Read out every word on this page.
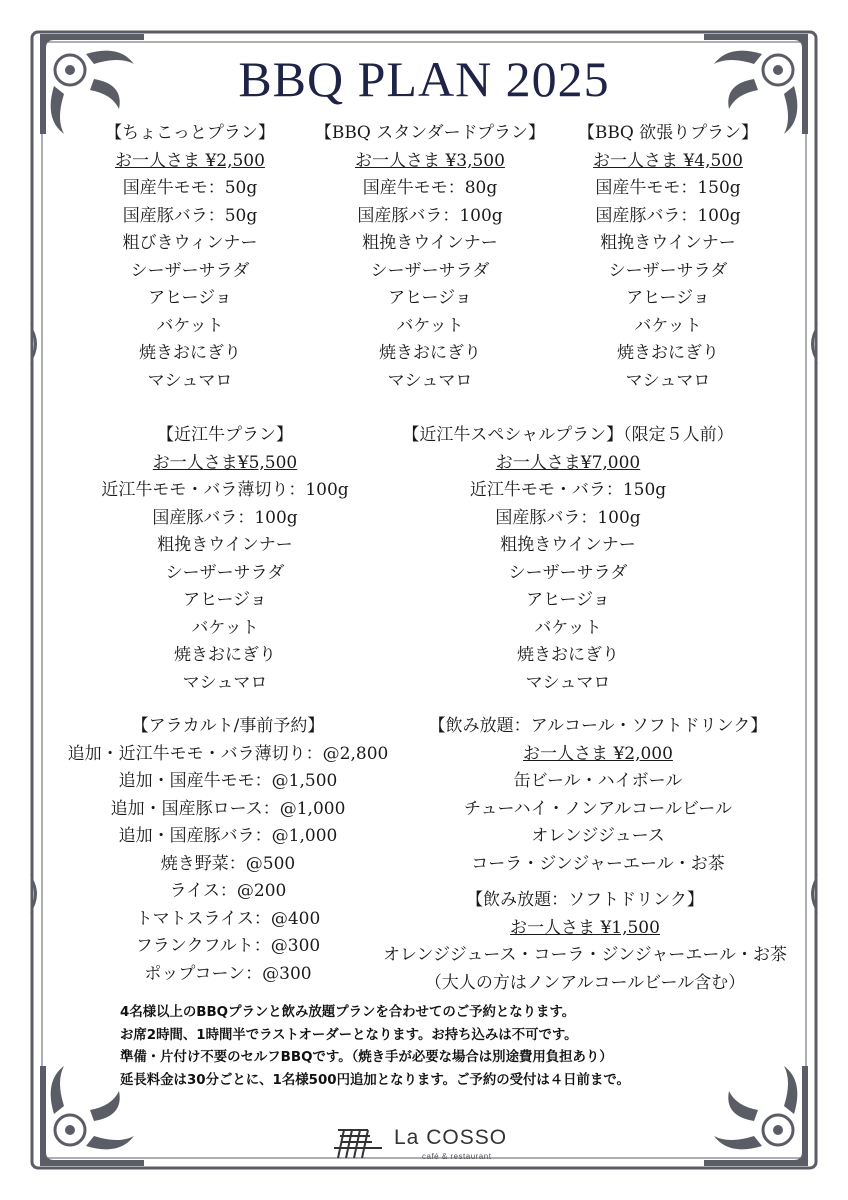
BBQ PLAN 2025
【ちょこっとプラン】
お一人さま ¥2,500
国産牛モモ：50g
国産豚バラ：50g
粗びきウィンナー
シーザーサラダ
アヒージョ
バケット
焼きおにぎり
マシュマロ
【BBQ スタンダードプラン】
お一人さま ¥3,500
国産牛モモ：80g
国産豚バラ：100g
粗挽きウインナー
シーザーサラダ
アヒージョ
バケット
焼きおにぎり
マシュマロ
【BBQ 欲張りプラン】
お一人さま ¥4,500
国産牛モモ：150g
国産豚バラ：100g
粗挽きウインナー
シーザーサラダ
アヒージョ
バケット
焼きおにぎり
マシュマロ
【近江牛プラン】
お一人さま¥5,500
近江牛モモ・バラ薄切り：100g
国産豚バラ：100g
粗挽きウインナー
シーザーサラダ
アヒージョ
バケット
焼きおにぎり
マシュマロ
【近江牛スペシャルプラン】（限定５人前）
お一人さま¥7,000
近江牛モモ・バラ：150g
国産豚バラ：100g
粗挽きウインナー
シーザーサラダ
アヒージョ
バケット
焼きおにぎり
マシュマロ
【アラカルト/事前予約】
追加・近江牛モモ・バラ薄切り：@2,800
追加・国産牛モモ：@1,500
追加・国産豚ロース：@1,000
追加・国産豚バラ：@1,000
焼き野菜：@500
ライス：@200
トマトスライス：@400
フランクフルト：@300
ポップコーン：@300
【飲み放題：アルコール・ソフトドリンク】
お一人さま ¥2,000
缶ビール・ハイボール
チューハイ・ノンアルコールビール
オレンジジュース
コーラ・ジンジャーエール・お茶
【飲み放題：ソフトドリンク】
お一人さま ¥1,500
オレンジジュース・コーラ・ジンジャーエール・お茶
（大人の方はノンアルコールビール含む）
4名様以上のBBQプランと飲み放題プランを合わせてのご予約となります。
お席2時間、1時間半でラストオーダーとなります。お持ち込みは不可です。
準備・片付け不要のセルフBBQです。（焼き手が必要な場合は別途費用負担あり）
延長料金は30分ごとに、1名様500円追加となります。ご予約の受付は４日前まで。
La COSSO
café & restaurant
